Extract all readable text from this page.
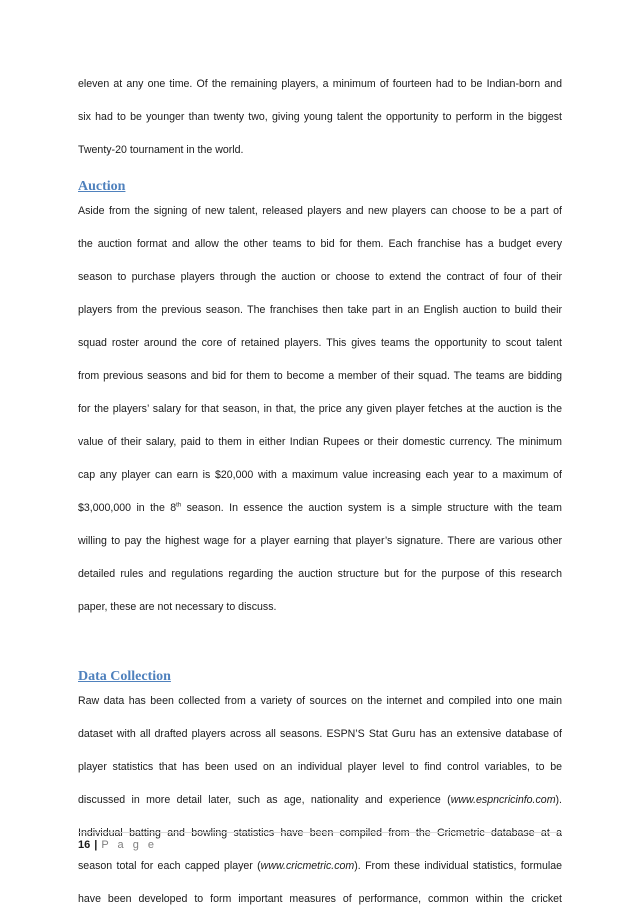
eleven at any one time. Of the remaining players, a minimum of fourteen had to be Indian-born and
six had to be younger than twenty two, giving young talent the opportunity to perform in the biggest
Twenty-20 tournament in the world.
Auction
Aside from the signing of new talent, released players and new players can choose to be a part of
the auction format and allow the other teams to bid for them. Each franchise has a budget every
season to purchase players through the auction or choose to extend the contract of four of their
players from the previous season. The franchises then take part in an English auction to build their
squad roster around the core of retained players. This gives teams the opportunity to scout talent
from previous seasons and bid for them to become a member of their squad. The teams are bidding
for the players’ salary for that season, in that, the price any given player fetches at the auction is the
value of their salary, paid to them in either Indian Rupees or their domestic currency. The minimum
cap any player can earn is $20,000 with a maximum value increasing each year to a maximum of
$3,000,000 in the 8th season. In essence the auction system is a simple structure with the team
willing to pay the highest wage for a player earning that player’s signature. There are various other
detailed rules and regulations regarding the auction structure but for the purpose of this research
paper, these are not necessary to discuss.
Data Collection
Raw data has been collected from a variety of sources on the internet and compiled into one main
dataset with all drafted players across all seasons. ESPN’S Stat Guru has an extensive database of
player statistics that has been used on an individual player level to find control variables, to be
discussed in more detail later, such as age, nationality and experience (www.espncricinfo.com).
Individual batting and bowling statistics have been compiled from the Cricmetric database at a
season total for each capped player (www.cricmetric.com). From these individual statistics, formulae
have been developed to form important measures of performance, common within the cricket
16 | P a g e
